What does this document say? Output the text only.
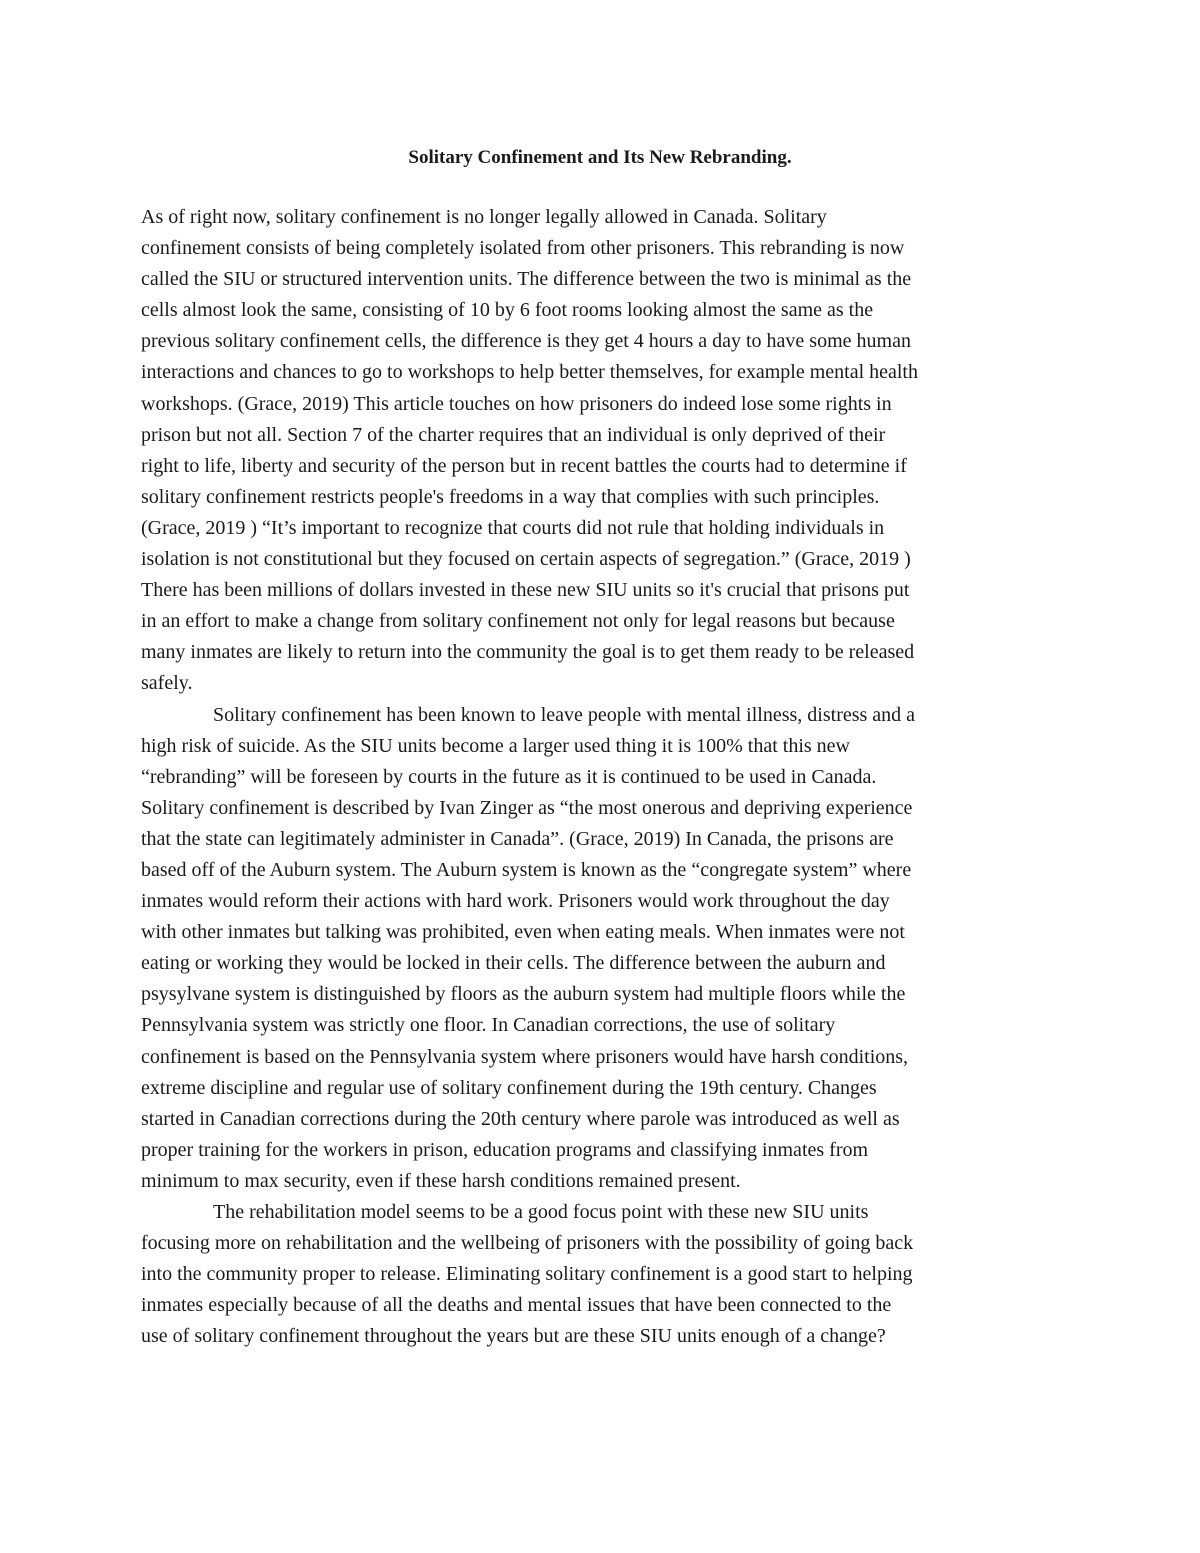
Solitary Confinement and Its New Rebranding.

As of right now, solitary confinement is no longer legally allowed in Canada. Solitary
confinement consists of being completely isolated from other prisoners. This rebranding is now
called the SIU or structured intervention units. The difference between the two is minimal as the
cells almost look the same, consisting of 10 by 6 foot rooms looking almost the same as the
previous solitary confinement cells, the difference is they get 4 hours a day to have some human
interactions and chances to go to workshops to help better themselves, for example mental health
workshops. (Grace, 2019) This article touches on how prisoners do indeed lose some rights in
prison but not all. Section 7 of the charter requires that an individual is only deprived of their
right to life, liberty and security of the person but in recent battles the courts had to determine if
solitary confinement restricts people's freedoms in a way that complies with such principles.
(Grace, 2019 ) “It’s important to recognize that courts did not rule that holding individuals in
isolation is not constitutional but they focused on certain aspects of segregation.” (Grace, 2019 )
There has been millions of dollars invested in these new SIU units so it's crucial that prisons put
in an effort to make a change from solitary confinement not only for legal reasons but because
many inmates are likely to return into the community the goal is to get them ready to be released
safely.

Solitary confinement has been known to leave people with mental illness, distress and a
high risk of suicide. As the SIU units become a larger used thing it is 100% that this new
“rebranding” will be foreseen by courts in the future as it is continued to be used in Canada.
Solitary confinement is described by Ivan Zinger as “the most onerous and depriving experience
that the state can legitimately administer in Canada”. (Grace, 2019) In Canada, the prisons are
based off of the Auburn system. The Auburn system is known as the “congregate system” where
inmates would reform their actions with hard work. Prisoners would work throughout the day
with other inmates but talking was prohibited, even when eating meals. When inmates were not
eating or working they would be locked in their cells. The difference between the auburn and
psysylvane system is distinguished by floors as the auburn system had multiple floors while the
Pennsylvania system was strictly one floor. In Canadian corrections, the use of solitary
confinement is based on the Pennsylvania system where prisoners would have harsh conditions,
extreme discipline and regular use of solitary confinement during the 19th century. Changes
started in Canadian corrections during the 20th century where parole was introduced as well as
proper training for the workers in prison, education programs and classifying inmates from
minimum to max security, even if these harsh conditions remained present.

The rehabilitation model seems to be a good focus point with these new SIU units
focusing more on rehabilitation and the wellbeing of prisoners with the possibility of going back
into the community proper to release. Eliminating solitary confinement is a good start to helping
inmates especially because of all the deaths and mental issues that have been connected to the
use of solitary confinement throughout the years but are these SIU units enough of a change?
